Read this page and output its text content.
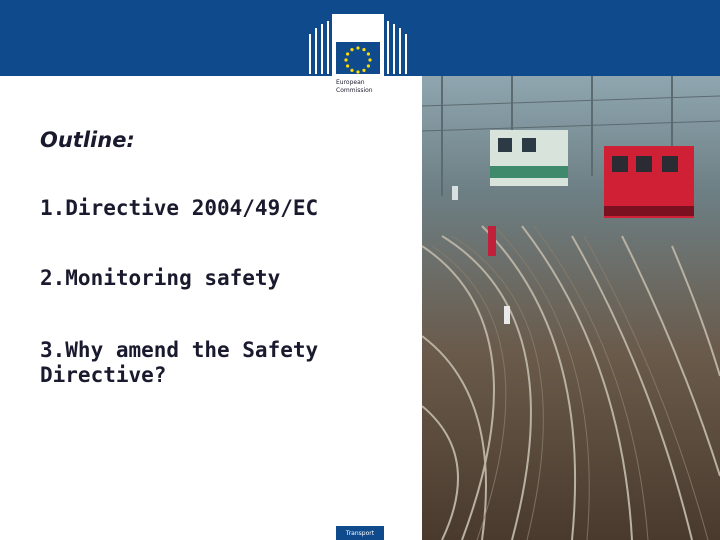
European
Commission
Outline:
1.Directive 2004/49/EC
2.Monitoring safety
3.Why amend the Safety Directive?
Transport
